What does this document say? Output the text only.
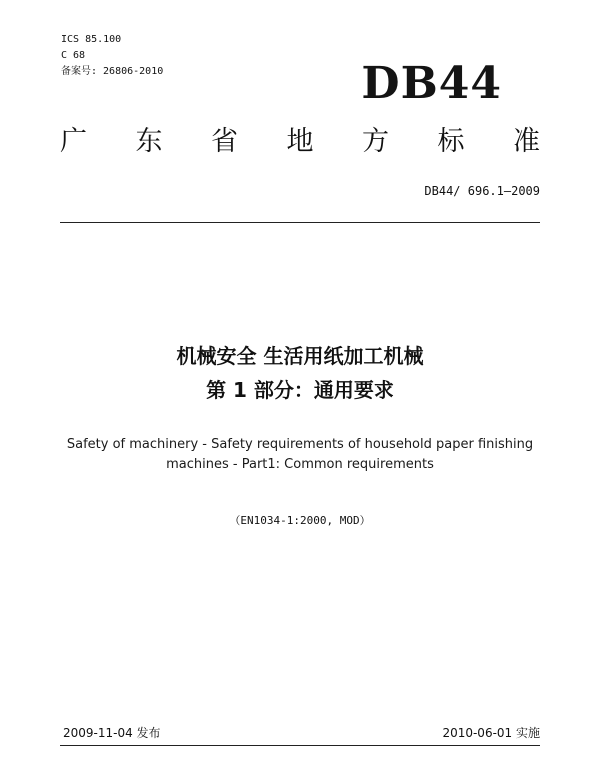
ICS 85.100
C 68
备案号: 26806-2010	DB44
广 东 省 地 方 标 准
DB44/ 696.1—2009
机械安全 生活用纸加工机械
第 1 部分：通用要求
Safety of machinery - Safety requirements of household paper finishing
machines - Part1: Common requirements
（EN1034-1:2000, MOD）
2009-11-04 发布	2010-06-01 实施
